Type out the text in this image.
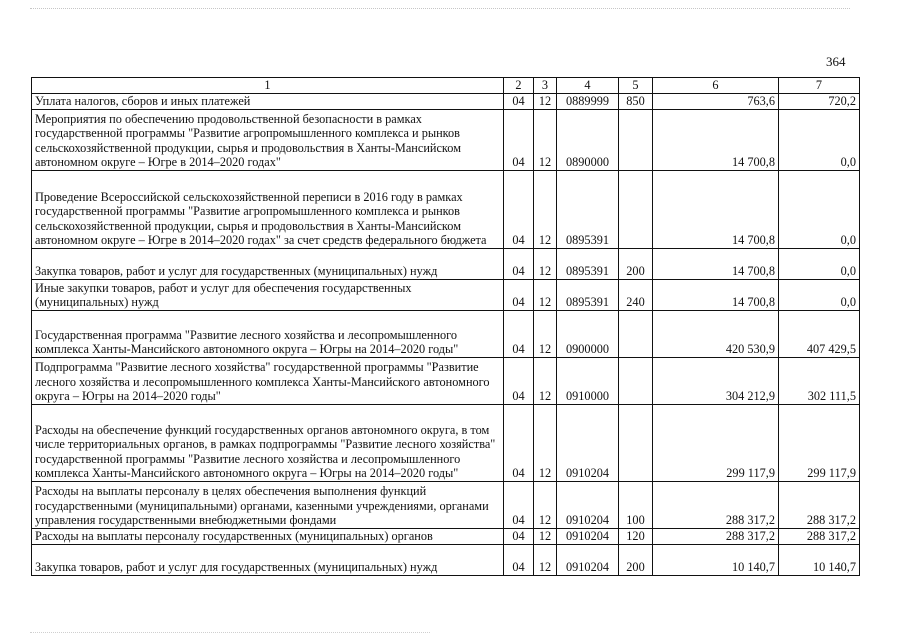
364
1	2	3	4	5	6	7
Уплата налогов, сборов и иных платежей	04	12	0889999	850	763,6	720,2
Мероприятия по обеспечению продовольственной безопасности в рамках государственной программы "Развитие агропромышленного комплекса и рынков сельскохозяйственной продукции, сырья и продовольствия в Ханты-Мансийском автономном округе – Югре в 2014–2020 годах"	04	12	0890000		14 700,8	0,0
Проведение Всероссийской сельскохозяйственной переписи в 2016 году в рамках государственной программы "Развитие агропромышленного комплекса и рынков сельскохозяйственной продукции, сырья и продовольствия в Ханты-Мансийском автономном округе – Югре в 2014–2020 годах" за счет средств федерального бюджета	04	12	0895391		14 700,8	0,0
Закупка товаров, работ и услуг для государственных (муниципальных) нужд	04	12	0895391	200	14 700,8	0,0
Иные закупки товаров, работ и услуг для обеспечения государственных (муниципальных) нужд	04	12	0895391	240	14 700,8	0,0
Государственная программа "Развитие лесного хозяйства и лесопромышленного комплекса Ханты-Мансийского автономного округа – Югры на 2014–2020 годы"	04	12	0900000		420 530,9	407 429,5
Подпрограмма "Развитие лесного хозяйства" государственной программы "Развитие лесного хозяйства и лесопромышленного комплекса Ханты-Мансийского автономного округа – Югры на 2014–2020 годы"	04	12	0910000		304 212,9	302 111,5
Расходы на обеспечение функций государственных органов автономного округа, в том числе территориальных органов, в рамках подпрограммы "Развитие лесного хозяйства" государственной программы "Развитие лесного хозяйства и лесопромышленного комплекса Ханты-Мансийского автономного округа – Югры на 2014–2020 годы"	04	12	0910204		299 117,9	299 117,9
Расходы на выплаты персоналу в целях обеспечения выполнения функций государственными (муниципальными) органами, казенными учреждениями, органами управления государственными внебюджетными фондами	04	12	0910204	100	288 317,2	288 317,2
Расходы на выплаты персоналу государственных (муниципальных) органов	04	12	0910204	120	288 317,2	288 317,2
Закупка товаров, работ и услуг для государственных (муниципальных) нужд	04	12	0910204	200	10 140,7	10 140,7
